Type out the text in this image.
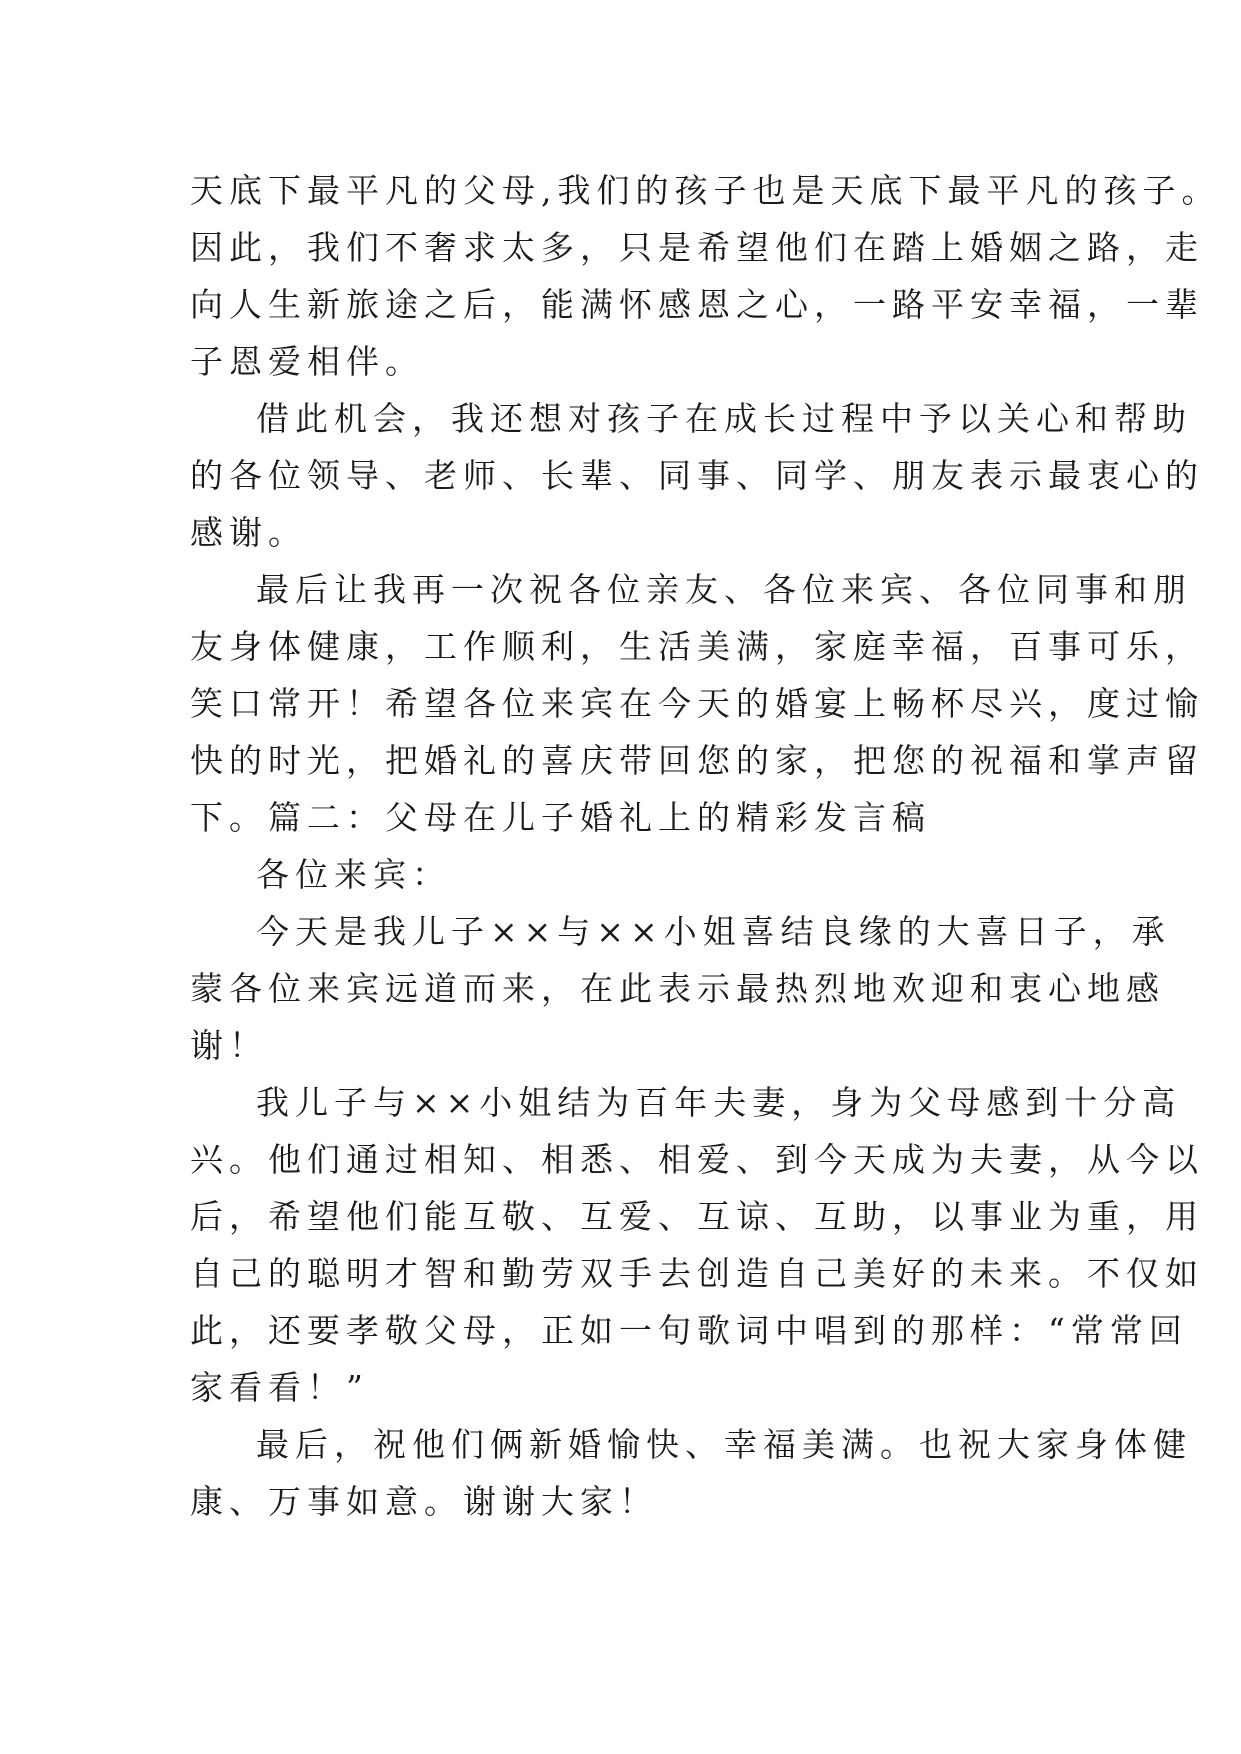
天底下最平凡的父母,我们的孩子也是天底下最平凡的孩子。
因此，我们不奢求太多，只是希望他们在踏上婚姻之路，走
向人生新旅途之后，能满怀感恩之心，一路平安幸福，一辈
子恩爱相伴。
借此机会，我还想对孩子在成长过程中予以关心和帮助
的各位领导、老师、长辈、同事、同学、朋友表示最衷心的
感谢。
最后让我再一次祝各位亲友、各位来宾、各位同事和朋
友身体健康，工作顺利，生活美满，家庭幸福，百事可乐，
笑口常开！希望各位来宾在今天的婚宴上畅杯尽兴，度过愉
快的时光，把婚礼的喜庆带回您的家，把您的祝福和掌声留
下。篇二：父母在儿子婚礼上的精彩发言稿
各位来宾：
今天是我儿子××与××小姐喜结良缘的大喜日子，承
蒙各位来宾远道而来，在此表示最热烈地欢迎和衷心地感
谢！
我儿子与××小姐结为百年夫妻，身为父母感到十分高
兴。他们通过相知、相悉、相爱、到今天成为夫妻，从今以
后，希望他们能互敬、互爱、互谅、互助，以事业为重，用
自己的聪明才智和勤劳双手去创造自己美好的未来。不仅如
此，还要孝敬父母，正如一句歌词中唱到的那样：“常常回
家看看！”
最后，祝他们俩新婚愉快、幸福美满。也祝大家身体健
康、万事如意。谢谢大家！
